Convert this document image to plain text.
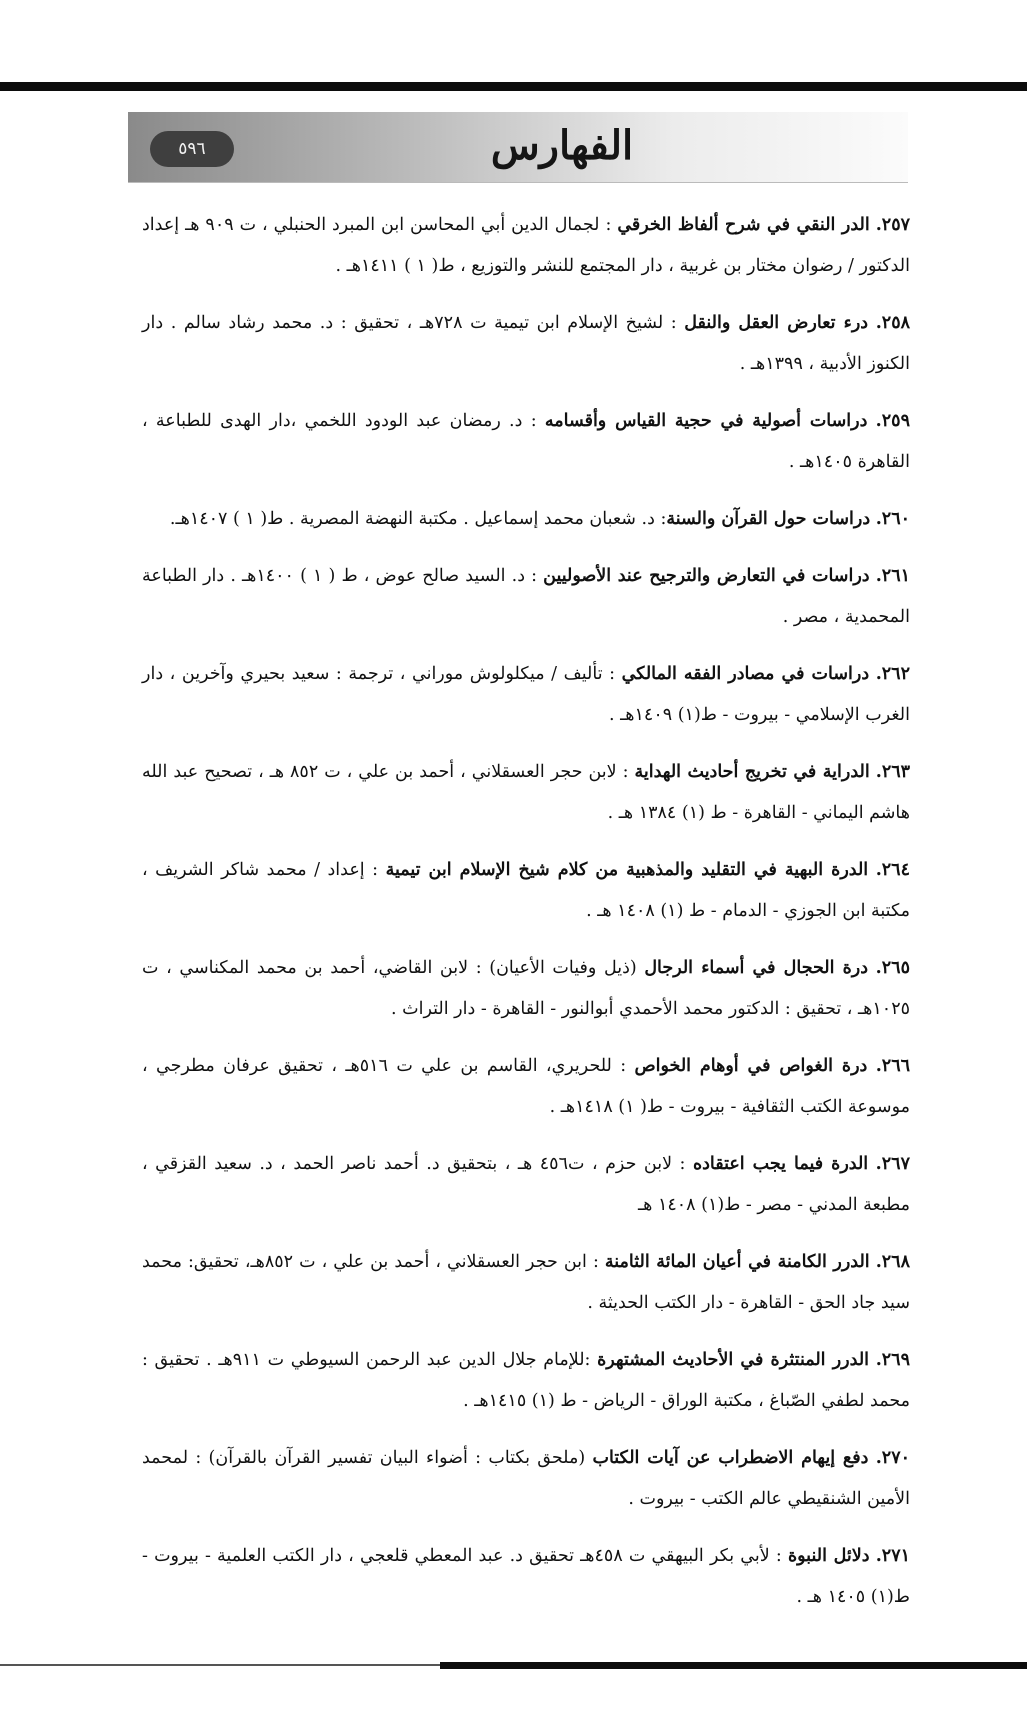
الفهارس
٥٩٦

٢٥٧. الدر النقي في شرح ألفاظ الخرقي : لجمال الدين أبي المحاسن ابن المبرد الحنبلي ، ت ٩٠٩ هـ إعداد الدكتور / رضوان مختار بن غربية ، دار المجتمع للنشر والتوزيع ، ط( ١ ) ١٤١١هـ .

٢٥٨. درء تعارض العقل والنقل : لشيخ الإسلام ابن تيمية ت ٧٢٨هـ ، تحقيق : د. محمد رشاد سالم . دار الكنوز الأدبية ، ١٣٩٩هـ .

٢٥٩. دراسات أصولية في حجية القياس وأقسامه : د. رمضان عبد الودود اللخمي ،دار الهدى للطباعة ، القاهرة ١٤٠٥هـ .

٢٦٠. دراسات حول القرآن والسنة: د. شعبان محمد إسماعيل . مكتبة النهضة المصرية . ط( ١ ) ١٤٠٧هـ.

٢٦١. دراسات في التعارض والترجيح عند الأصوليين : د. السيد صالح عوض ، ط ( ١ ) ١٤٠٠هـ . دار الطباعة المحمدية ، مصر .

٢٦٢. دراسات في مصادر الفقه المالكي : تأليف / ميكلولوش موراني ، ترجمة : سعيد بحيري وآخرين ، دار الغرب الإسلامي - بيروت - ط(١) ١٤٠٩هـ .

٢٦٣. الدراية في تخريج أحاديث الهداية : لابن حجر العسقلاني ، أحمد بن علي ، ت ٨٥٢ هـ ، تصحيح عبد الله هاشم اليماني - القاهرة - ط (١) ١٣٨٤ هـ .

٢٦٤. الدرة البهية في التقليد والمذهبية من كلام شيخ الإسلام ابن تيمية : إعداد / محمد شاكر الشريف ، مكتبة ابن الجوزي - الدمام - ط (١) ١٤٠٨ هـ .

٢٦٥. درة الحجال في أسماء الرجال (ذيل وفيات الأعيان) : لابن القاضي، أحمد بن محمد المكناسي ، ت ١٠٢٥هـ ، تحقيق : الدكتور محمد الأحمدي أبوالنور - القاهرة - دار التراث .

٢٦٦. درة الغواص في أوهام الخواص : للحريري، القاسم بن علي ت ٥١٦هـ ، تحقيق عرفان مطرجي ، موسوعة الكتب الثقافية - بيروت - ط( ١) ١٤١٨هـ .

٢٦٧. الدرة فيما يجب اعتقاده : لابن حزم ، ت٤٥٦ هـ ، بتحقيق د. أحمد ناصر الحمد ، د. سعيد القزقي ، مطبعة المدني - مصر - ط(١) ١٤٠٨ هـ

٢٦٨. الدرر الكامنة في أعيان المائة الثامنة : ابن حجر العسقلاني ، أحمد بن علي ، ت ٨٥٢هـ، تحقيق: محمد سيد جاد الحق - القاهرة - دار الكتب الحديثة .

٢٦٩. الدرر المنتثرة في الأحاديث المشتهرة :للإمام جلال الدين عبد الرحمن السيوطي ت ٩١١هـ . تحقيق : محمد لطفي الصّباغ ، مكتبة الوراق - الرياض - ط (١) ١٤١٥هـ .

٢٧٠. دفع إيهام الاضطراب عن آيات الكتاب (ملحق بكتاب : أضواء البيان تفسير القرآن بالقرآن) : لمحمد الأمين الشنقيطي عالم الكتب - بيروت .

٢٧١. دلائل النبوة : لأبي بكر البيهقي ت ٤٥٨هـ تحقيق د. عبد المعطي قلعجي ، دار الكتب العلمية - بيروت - ط(١) ١٤٠٥ هـ .
